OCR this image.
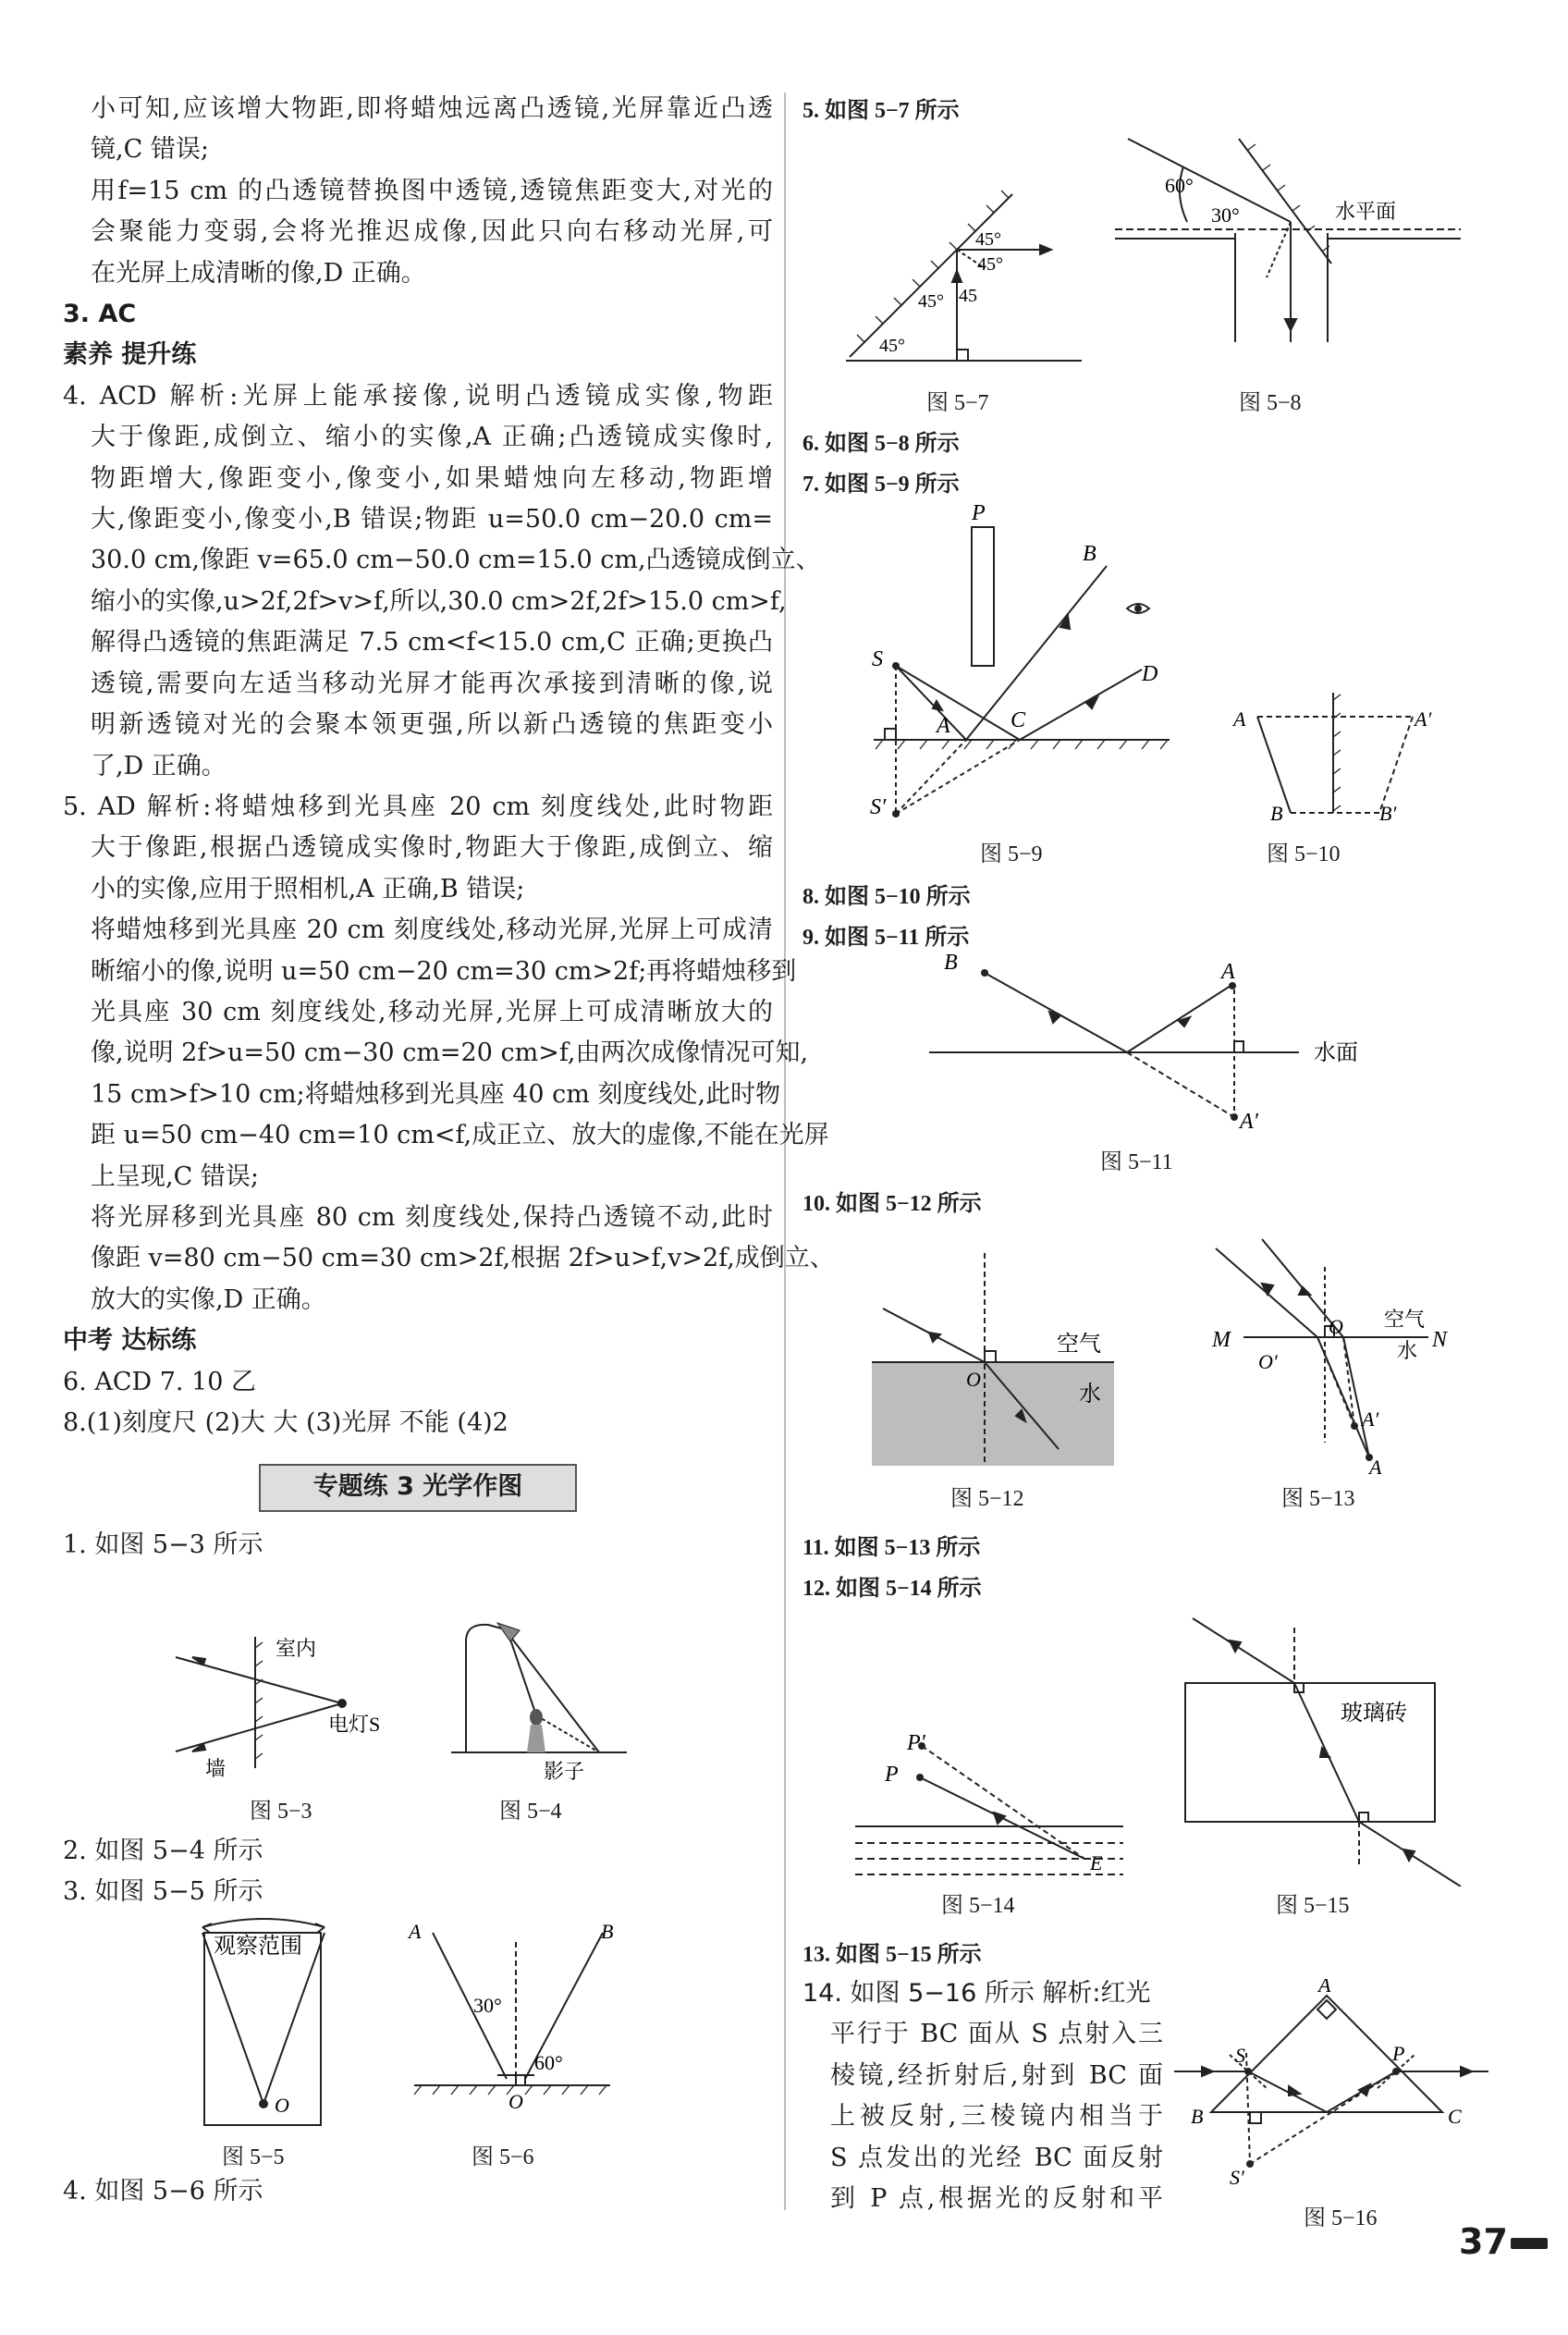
小可知,应该增大物距,即将蜡烛远离凸透镜,光屏靠近凸透
镜,C 错误;
用f=15 cm 的凸透镜替换图中透镜,透镜焦距变大,对光的
会聚能力变弱,会将光推迟成像,因此只向右移动光屏,可
在光屏上成清晰的像,D 正确。
3. AC
素养 提升练
4. ACD 解析:光屏上能承接像,说明凸透镜成实像,物距
大于像距,成倒立、缩小的实像,A 正确;凸透镜成实像时,
物距增大,像距变小,像变小,如果蜡烛向左移动,物距增
大,像距变小,像变小,B 错误;物距 u=50.0 cm−20.0 cm=
30.0 cm,像距 v=65.0 cm−50.0 cm=15.0 cm,凸透镜成倒立、
缩小的实像,u>2f,2f>v>f,所以,30.0 cm>2f,2f>15.0 cm>f,
解得凸透镜的焦距满足 7.5 cm<f<15.0 cm,C 正确;更换凸
透镜,需要向左适当移动光屏才能再次承接到清晰的像,说
明新透镜对光的会聚本领更强,所以新凸透镜的焦距变小
了,D 正确。
5. AD 解析:将蜡烛移到光具座 20 cm 刻度线处,此时物距
大于像距,根据凸透镜成实像时,物距大于像距,成倒立、缩
小的实像,应用于照相机,A 正确,B 错误;
将蜡烛移到光具座 20 cm 刻度线处,移动光屏,光屏上可成清
晰缩小的像,说明 u=50 cm−20 cm=30 cm>2f;再将蜡烛移到
光具座 30 cm 刻度线处,移动光屏,光屏上可成清晰放大的
像,说明 2f>u=50 cm−30 cm=20 cm>f,由两次成像情况可知,
15 cm>f>10 cm;将蜡烛移到光具座 40 cm 刻度线处,此时物
距 u=50 cm−40 cm=10 cm<f,成正立、放大的虚像,不能在光屏
上呈现,C 错误;
将光屏移到光具座 80 cm 刻度线处,保持凸透镜不动,此时
像距 v=80 cm−50 cm=30 cm>2f,根据 2f>u>f,v>2f,成倒立、
放大的实像,D 正确。
中考 达标练
6. ACD 7. 10 乙
8.(1)刻度尺 (2)大 大 (3)光屏 不能 (4)2
专题练 3 光学作图
1. 如图 5−3 所示
室内
电灯S
墙
图 5−3
影子
图 5−4
2. 如图 5−4 所示
3. 如图 5−5 所示
观察范围
O
图 5−5
A	B
30°
60°
O
图 5−6
4. 如图 5−6 所示
5. 如图 5−7 所示
45°
45°
45° 45
45°
图 5−7
60°
30°	水平面
图 5−8
6. 如图 5−8 所示
7. 如图 5−9 所示
P
B
S
A	C
D
S′
图 5−9
A	A′
B	B′
图 5−10
8. 如图 5−10 所示
9. 如图 5−11 所示
B	A
A′
水面
图 5−11
10. 如图 5−12 所示
空气
水
O
图 5−12
M	N
O
O′
空气
水
A′
A
图 5−13
11. 如图 5−13 所示
12. 如图 5−14 所示
P′
P
E
图 5−14
玻璃砖
图 5−15
13. 如图 5−15 所示
14. 如图 5−16 所示 解析:红光
平行于 BC 面从 S 点射入三
棱镜,经折射后,射到 BC 面
上被反射,三棱镜内相当于
S 点发出的光经 BC 面反射
到 P 点,根据光的反射和平
A
S	P
B	C
S′
图 5−16
37
